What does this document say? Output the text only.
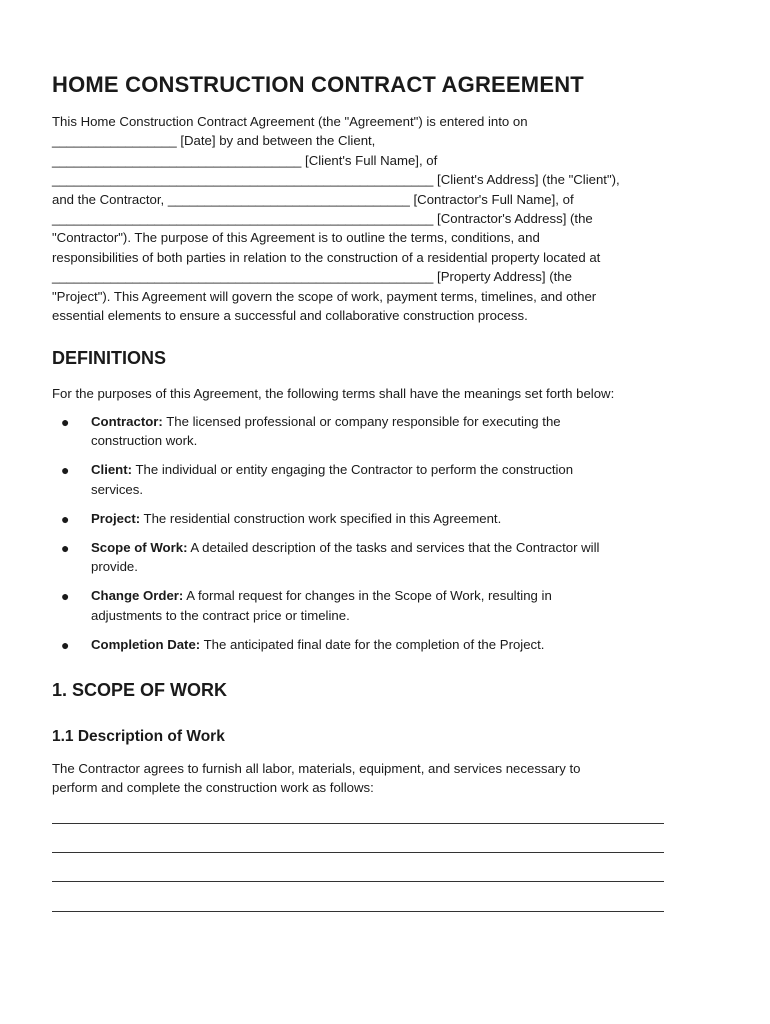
HOME CONSTRUCTION CONTRACT AGREEMENT
This Home Construction Contract Agreement (the "Agreement") is entered into on
_________________ [Date] by and between the Client,
__________________________________ [Client's Full Name], of
____________________________________________________ [Client's Address] (the "Client"),
and the Contractor, _________________________________ [Contractor's Full Name], of
____________________________________________________ [Contractor's Address] (the
"Contractor"). The purpose of this Agreement is to outline the terms, conditions, and
responsibilities of both parties in relation to the construction of a residential property located at
____________________________________________________ [Property Address] (the
"Project"). This Agreement will govern the scope of work, payment terms, timelines, and other
essential elements to ensure a successful and collaborative construction process.
DEFINITIONS
For the purposes of this Agreement, the following terms shall have the meanings set forth below:
● Contractor: The licensed professional or company responsible for executing the
construction work.
● Client: The individual or entity engaging the Contractor to perform the construction
services.
● Project: The residential construction work specified in this Agreement.
● Scope of Work: A detailed description of the tasks and services that the Contractor will
provide.
● Change Order: A formal request for changes in the Scope of Work, resulting in
adjustments to the contract price or timeline.
● Completion Date: The anticipated final date for the completion of the Project.
1. SCOPE OF WORK
1.1 Description of Work
The Contractor agrees to furnish all labor, materials, equipment, and services necessary to
perform and complete the construction work as follows:
